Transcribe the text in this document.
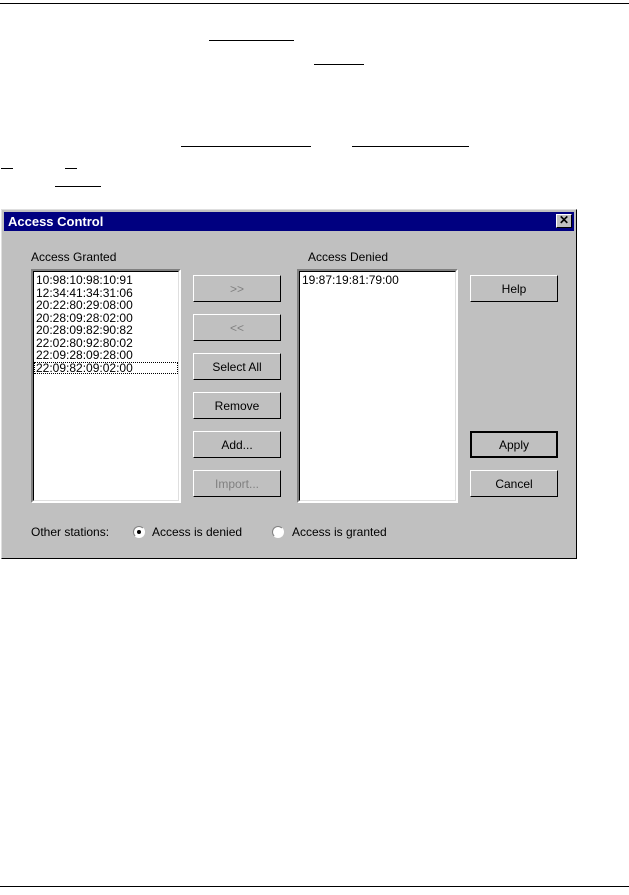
Access Control	✕
Access Granted
10:98:10:98:10:91
12:34:41:34:31:06
20:22:80:29:08:00
20:28:09:28:02:00
20:28:09:82:90:82
22:02:80:92:80:02
22:09:28:09:28:00
22:09:82:09:02:00
Access Denied
19:87:19:81:79:00
>>
<<
Select All
Remove
Add...
Import...
Help
Apply
Cancel
Other stations:	Access is denied	Access is granted
